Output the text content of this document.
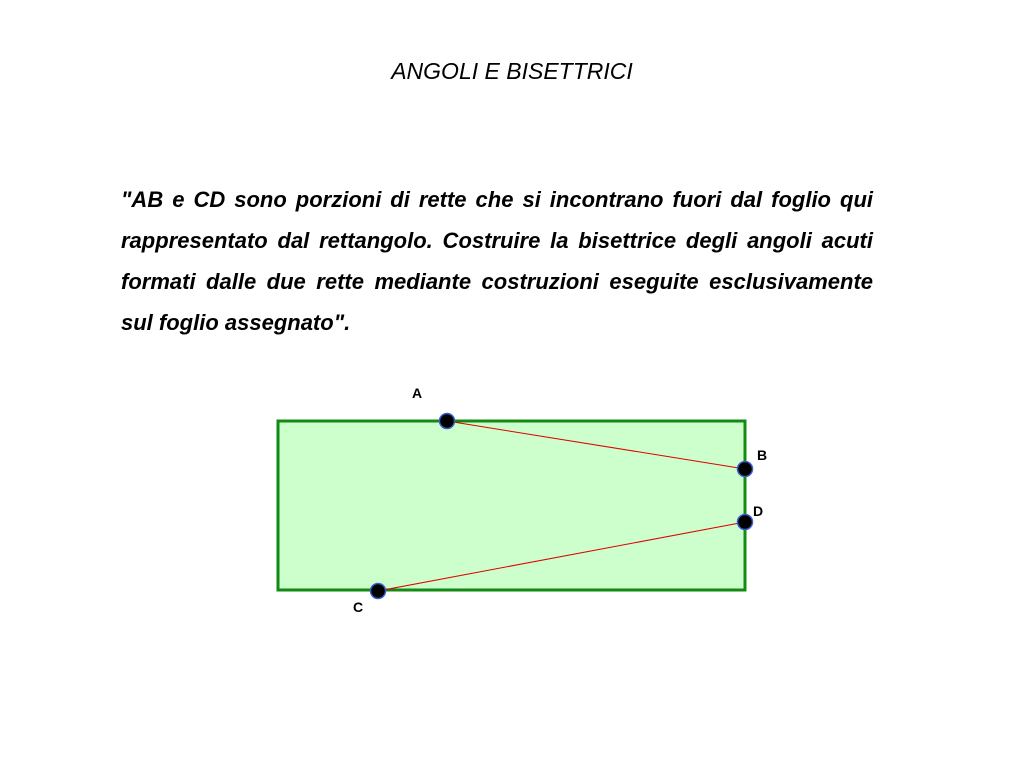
ANGOLI E BISETTRICI

"AB e CD sono porzioni di rette che si incontrano fuori dal foglio qui rappresentato dal rettangolo. Costruire la bisettrice degli angoli acuti formati dalle due rette mediante costruzioni eseguite esclusivamente sul foglio assegnato".

A
B
C
D
